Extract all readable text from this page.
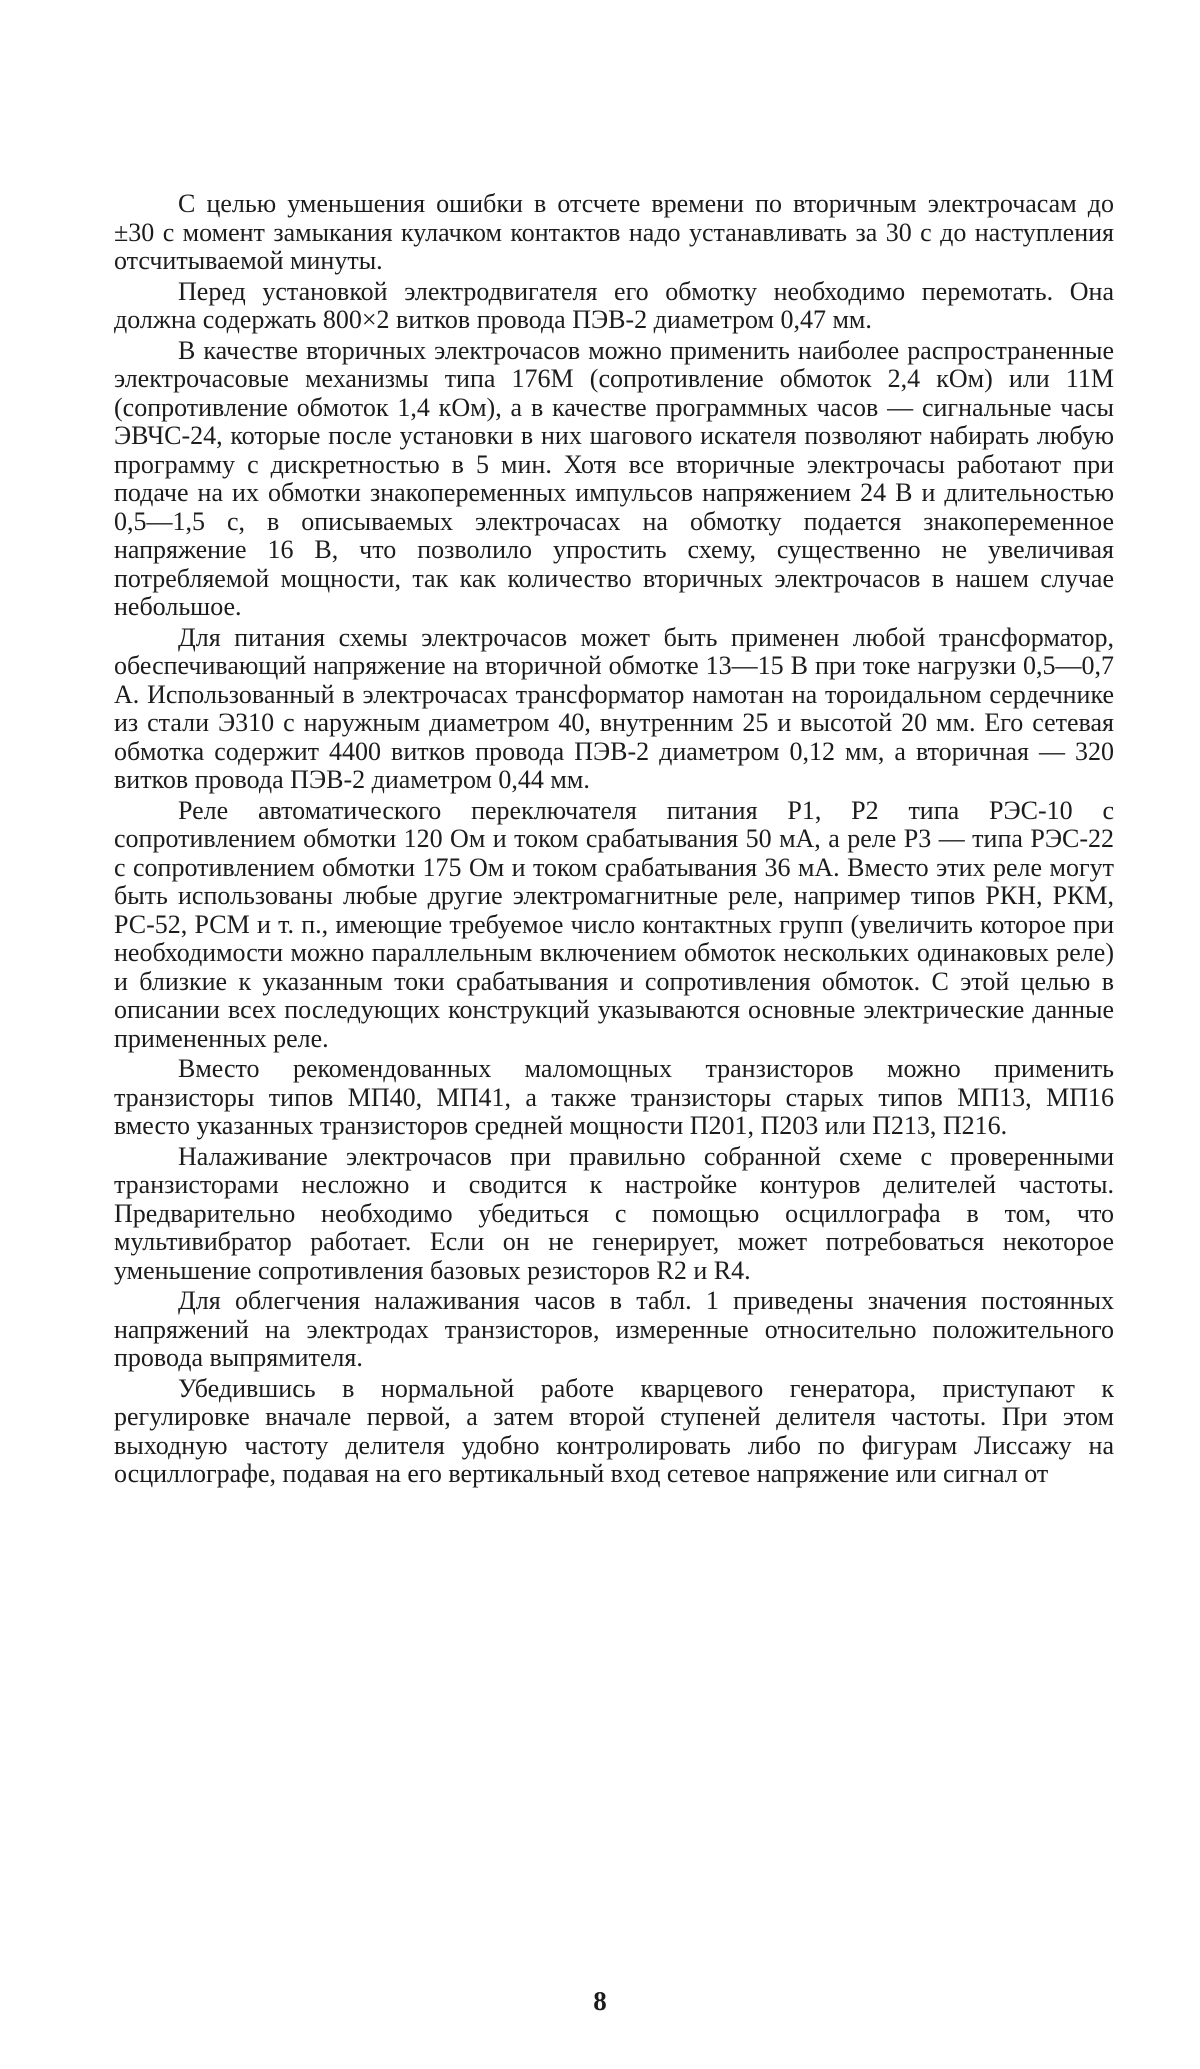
С целью уменьшения ошибки в отсчете времени по вторичным электрочасам до ±30 с момент замыкания кулачком контактов надо устанавливать за 30 с до наступления отсчитываемой минуты.

Перед установкой электродвигателя его обмотку необходимо перемотать. Она должна содержать 800×2 витков провода ПЭВ-2 диаметром 0,47 мм.

В качестве вторичных электрочасов можно применить наиболее распространенные электрочасовые механизмы типа 176М (сопротивление обмоток 2,4 кОм) или 11М (сопротивление обмоток 1,4 кОм), а в качестве программных часов — сигнальные часы ЭВЧС-24, которые после установки в них шагового искателя позволяют набирать любую программу с дискретностью в 5 мин. Хотя все вторичные электрочасы работают при подаче на их обмотки знакопеременных импульсов напряжением 24 В и длительностью 0,5—1,5 с, в описываемых электрочасах на обмотку подается знакопеременное напряжение 16 В, что позволило упростить схему, существенно не увеличивая потребляемой мощности, так как количество вторичных электрочасов в нашем случае небольшое.

Для питания схемы электрочасов может быть применен любой трансформатор, обеспечивающий напряжение на вторичной обмотке 13—15 В при токе нагрузки 0,5—0,7 А. Использованный в электрочасах трансформатор намотан на тороидальном сердечнике из стали Э310 с наружным диаметром 40, внутренним 25 и высотой 20 мм. Его сетевая обмотка содержит 4400 витков провода ПЭВ-2 диаметром 0,12 мм, а вторичная — 320 витков провода ПЭВ-2 диаметром 0,44 мм.

Реле автоматического переключателя питания Р1, Р2 типа РЭС-10 с сопротивлением обмотки 120 Ом и током срабатывания 50 мА, а реле Р3 — типа РЭС-22 с сопротивлением обмотки 175 Ом и током срабатывания 36 мА. Вместо этих реле могут быть использованы любые другие электромагнитные реле, например типов РКН, РКМ, РС-52, РСМ и т. п., имеющие требуемое число контактных групп (увеличить которое при необходимости можно параллельным включением обмоток нескольких одинаковых реле) и близкие к указанным токи срабатывания и сопротивления обмоток. С этой целью в описании всех последующих конструкций указываются основные электрические данные примененных реле.

Вместо рекомендованных маломощных транзисторов можно применить транзисторы типов МП40, МП41, а также транзисторы старых типов МП13, МП16 вместо указанных транзисторов средней мощности П201, П203 или П213, П216.

Налаживание электрочасов при правильно собранной схеме с проверенными транзисторами несложно и сводится к настройке контуров делителей частоты. Предварительно необходимо убедиться с помощью осциллографа в том, что мультивибратор работает. Если он не генерирует, может потребоваться некоторое уменьшение сопротивления базовых резисторов R2 и R4.

Для облегчения налаживания часов в табл. 1 приведены значения постоянных напряжений на электродах транзисторов, измеренные относительно положительного провода выпрямителя.

Убедившись в нормальной работе кварцевого генератора, приступают к регулировке вначале первой, а затем второй ступеней делителя частоты. При этом выходную частоту делителя удобно контролировать либо по фигурам Лиссажу на осциллографе, подавая на его вертикальный вход сетевое напряжение или сигнал от

8
